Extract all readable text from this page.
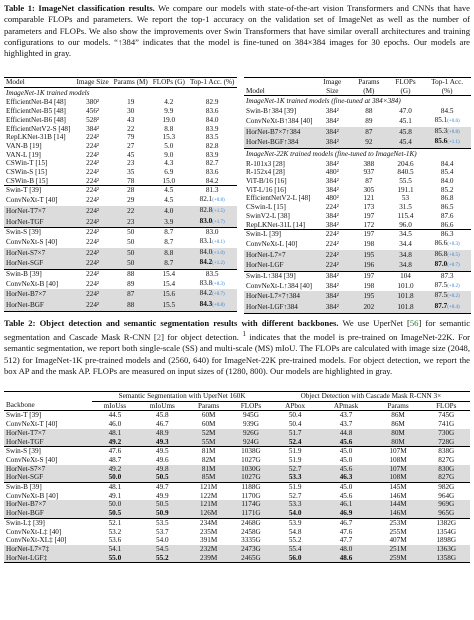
Table 1: ImageNet classification results. We compare our models with state-of-the-art vision Transformers and CNNs that have comparable FLOPs and parameters. We report the top-1 accuracy on the validation set of ImageNet as well as the number of parameters and FLOPs. We also show the improvements over Swin Transformers that have similar overall architectures and training configurations to our models. “↑384” indicates that the model is fine-tuned on 384×384 images for 30 epochs. Our models are highlighted in gray.

Model	Image Size	Params (M)	FLOPs (G)	Top-1 Acc. (%)
ImageNet-1K trained models				
EfficientNet-B4 [48]	380²	19	4.2	82.9
EfficientNet-B5 [48]	456²	30	9.9	83.6
EfficientNet-B6 [48]	528²	43	19.0	84.0
EfficientNetV2-S [48]	384²	22	8.8	83.9
RepLKNet-31B [14]	224²	79	15.3	83.5
VAN-B [19]	224²	27	5.0	82.8
VAN-L [19]	224²	45	9.0	83.9
CSWin-T [15]	224²	23	4.3	82.7
CSWin-S [15]	224²	35	6.9	83.6
CSWin-B [15]	224²	78	15.0	84.2
Swin-T [39]	224²	28	4.5	81.3
ConvNeXt-T [40]	224²	29	4.5	82.1(+0.8)
HorNet-T7×7	224²	22	4.0	82.8(+1.5)
HorNet-TGF	224²	23	3.9	83.0(+1.7)
Swin-S [39]	224²	50	8.7	83.0
ConvNeXt-S [40]	224²	50	8.7	83.1(+0.1)
HorNet-S7×7	224²	50	8.8	84.0(+1.0)
HorNet-SGF	224²	50	8.7	84.2(+1.2)
Swin-B [39]	224²	88	15.4	83.5
ConvNeXt-B [40]	224²	89	15.4	83.8(+0.3)
HorNet-B7×7	224²	87	15.6	84.2(+0.7)
HorNet-BGF	224²	88	15.5	84.3(+0.8)
Model	Image Size	Params (M)	FLOPs (G)	Top-1 Acc. (%)
ImageNet-1K trained models (fine-tuned at 384×384)				
Swin-B↑384 [39]	384²	88	47.0	84.5
ConvNeXt-B↑384 [40]	384²	89	45.1	85.1(+0.6)
HorNet-B7×7↑384	384²	87	45.8	85.3(+0.8)
HorNet-BGF↑384	384²	92	45.4	85.6(+1.1)
ImageNet-22K trained models (fine-tuned to ImageNet-1K)				
R-101x3 [28]	384²	388	204.6	84.4
R-152x4 [28]	480²	937	840.5	85.4
ViT-B/16 [16]	384²	87	55.5	84.0
ViT-L/16 [16]	384²	305	191.1	85.2
EfficientNetV2-L [48]	480²	121	53	86.8
CSwin-L [15]	224²	173	31.5	86.5
SwinV2-L [38]	384²	197	115.4	87.6
RepLKNet-31L [14]	384²	172	96.0	86.6
Swin-L [39]	224²	197	34.5	86.3
ConvNeXt-L [40]	224²	198	34.4	86.6(+0.3)
HorNet-L7×7	224²	195	34.8	86.8(+0.5)
HorNet-LGF	224²	196	34.8	87.0(+0.7)
Swin-L↑384 [39]	384²	197	104	87.3
ConvNeXt-L↑384 [40]	384²	198	101.0	87.5(+0.2)
HorNet-L7×7↑384	384²	195	101.8	87.5(+0.2)
HorNet-LGF↑384	384²	202	101.8	87.7(+0.4)

Table 2: Object detection and semantic segmentation results with different backbones. We use UperNet [56] for semantic segmentation and Cascade Mask R-CNN [2] for object detection. $^1$ indicates that the model is pre-trained on ImageNet-22K. For semantic segmentation, we report both single-scale (SS) and multi-scale (MS) mIoU. The FLOPs are calculated with image size (2048, 512) for ImageNet-1K pre-trained models and (2560, 640) for ImageNet-22K pre-trained models. For object detection, we report the box AP and the mask AP. FLOPs are measured on input sizes of (1280, 800). Our models are highlighted in gray.

	Semantic Segmentation with UperNet 160K				Object Detection with Cascade Mask R-CNN 3×			
Backbone	mIoUss	mIoUms	Params	FLOPs	APbox	APmask	Params	FLOPs
Swin-T [39]	44.5	45.8	60M	945G	50.4	43.7	86M	745G
ConvNeXt-T [40]	46.0	46.7	60M	939G	50.4	43.7	86M	741G
HorNet-T7×7	48.1	48.9	52M	926G	51.7	44.8	80M	730G
HorNet-TGF	49.2	49.3	55M	924G	52.4	45.6	80M	728G
Swin-S [39]	47.6	49.5	81M	1038G	51.9	45.0	107M	838G
ConvNeXt-S [40]	48.7	49.6	82M	1027G	51.9	45.0	108M	827G
HorNet-S7×7	49.2	49.8	81M	1030G	52.7	45.6	107M	830G
HorNet-SGF	50.0	50.5	85M	1027G	53.3	46.3	108M	827G
Swin-B [39]	48.1	49.7	121M	1188G	51.9	45.0	145M	982G
ConvNeXt-B [40]	49.1	49.9	122M	1170G	52.7	45.6	146M	964G
HorNet-B7×7	50.0	50.5	121M	1174G	53.3	46.1	144M	969G
HorNet-BGF	50.5	50.9	126M	1171G	54.0	46.9	146M	965G
Swin-L‡ [39]	52.1	53.5	234M	2468G	53.9	46.7	253M	1382G
ConvNeXt-L‡ [40]	53.2	53.7	235M	2458G	54.8	47.6	255M	1354G
ConvNeXt-XL‡ [40]	53.6	54.0	391M	3335G	55.2	47.7	407M	1898G
HorNet-L7×7‡	54.1	54.5	232M	2473G	55.4	48.0	251M	1363G
HorNet-LGF‡	55.0	55.2	239M	2465G	56.0	48.6	259M	1358G
